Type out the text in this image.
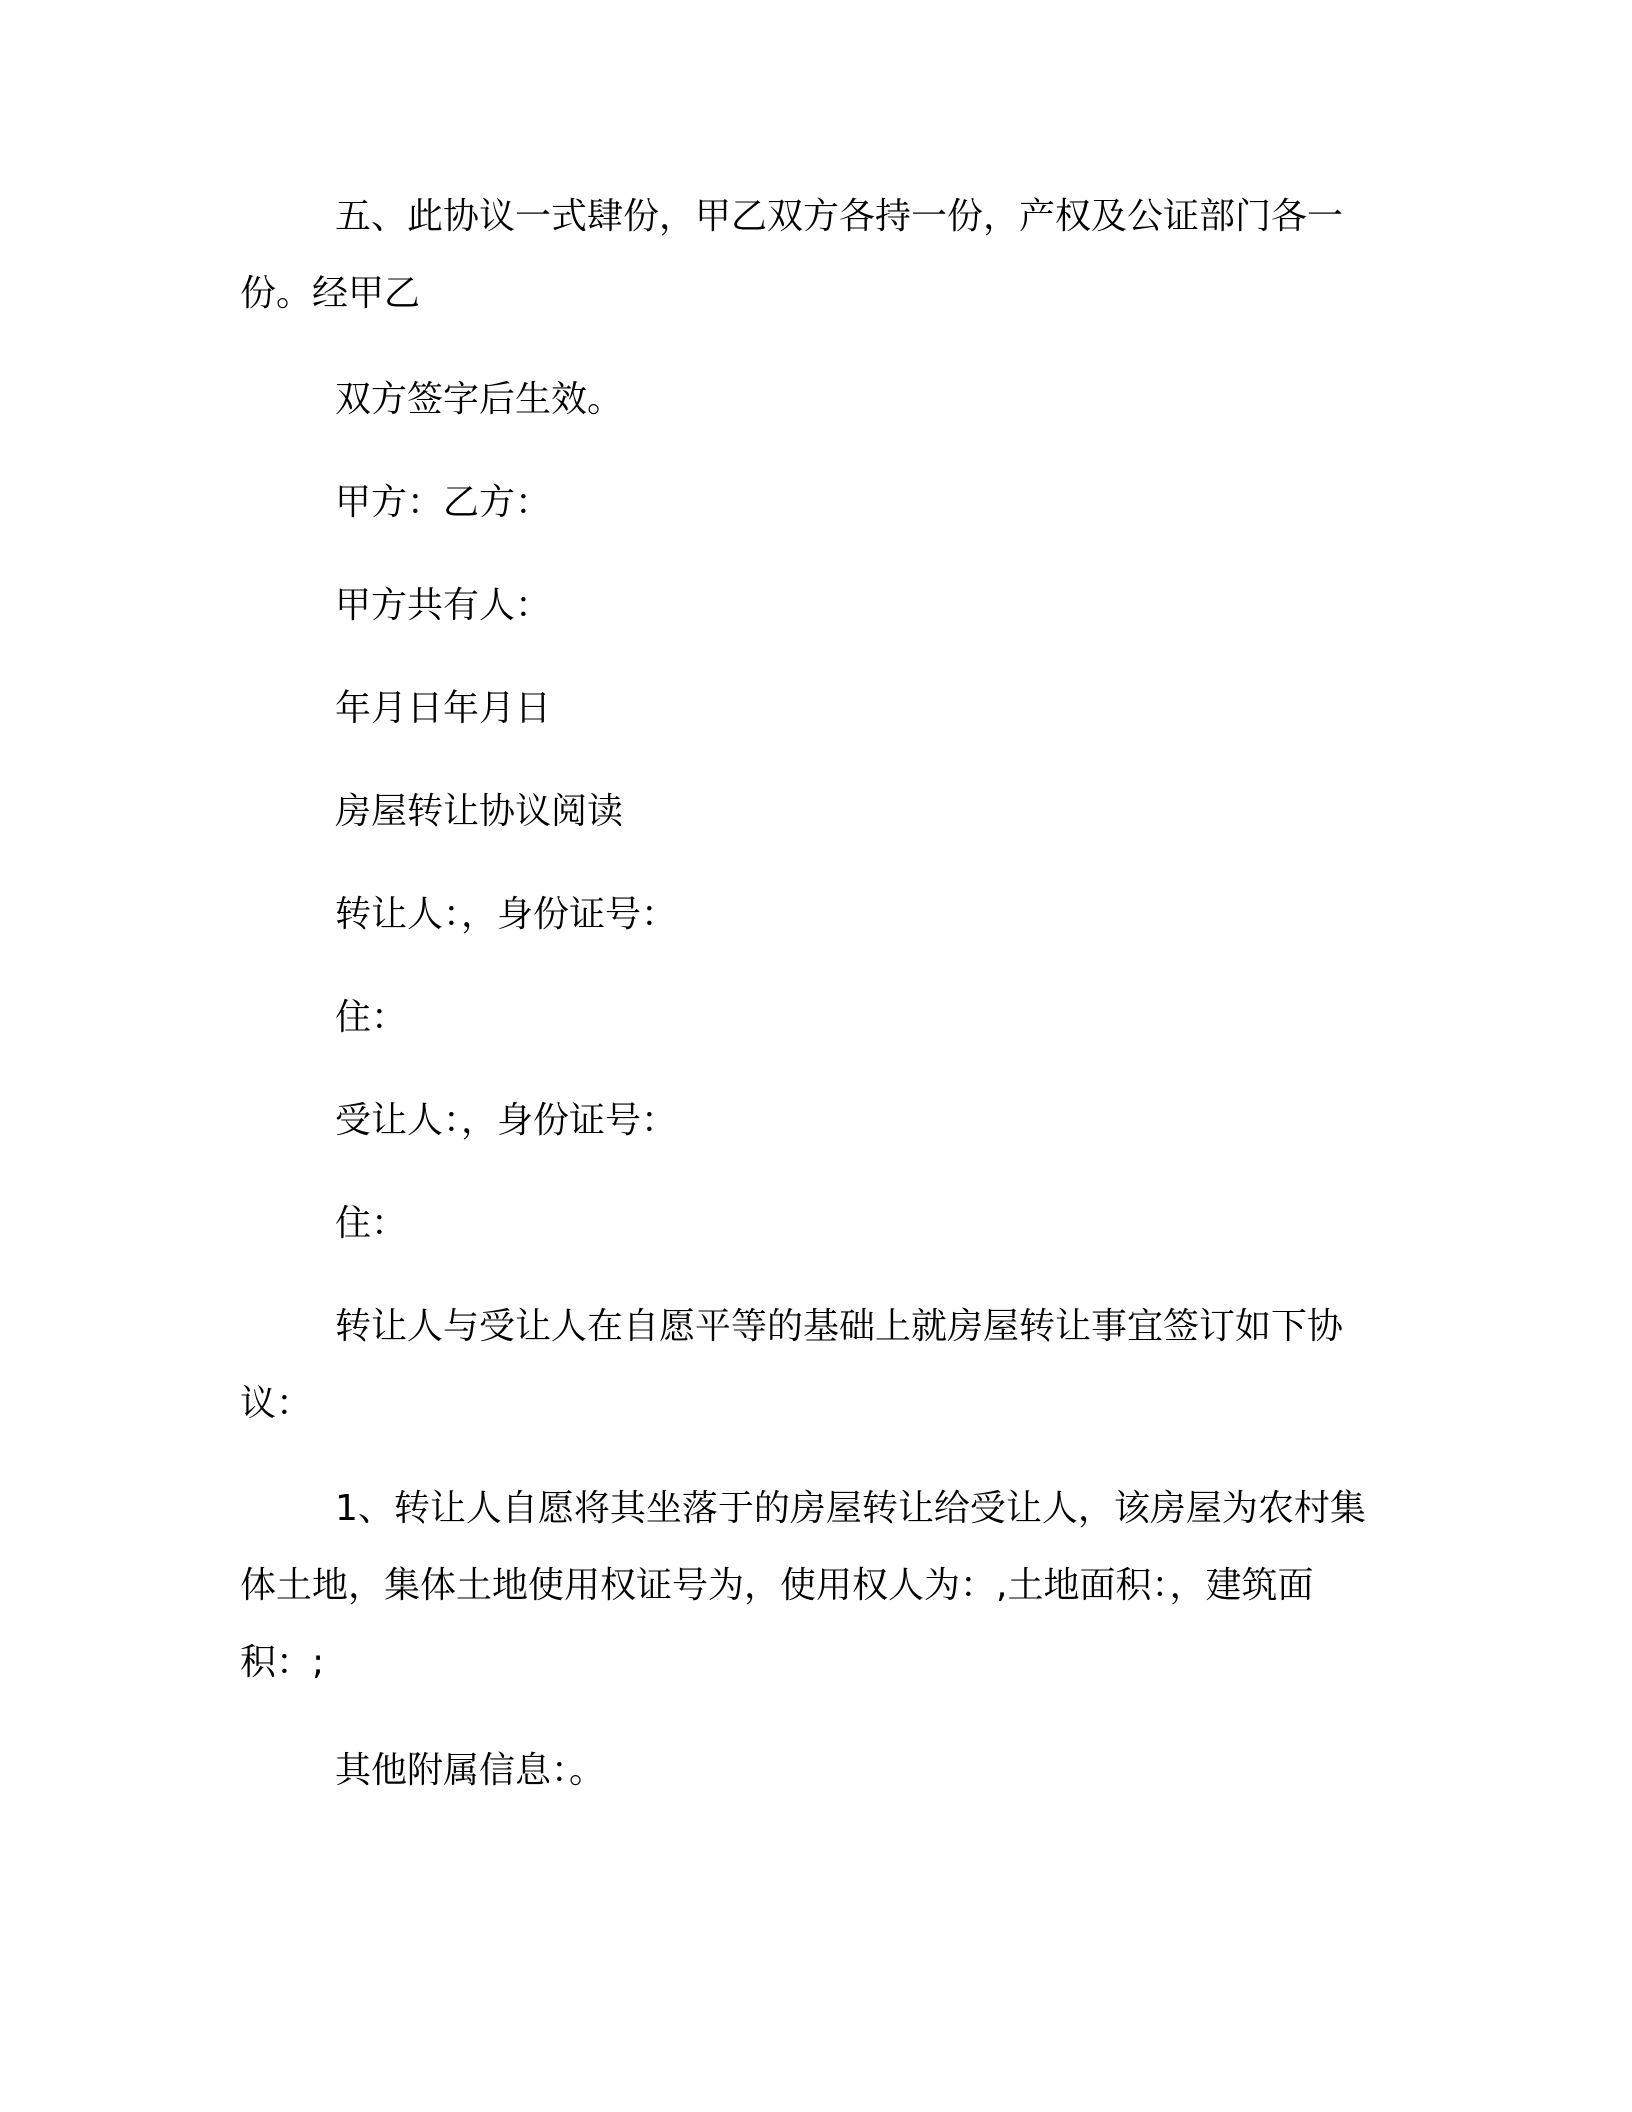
五、此协议一式肆份，甲乙双方各持一份，产权及公证部门各一份。经甲乙

双方签字后生效。

甲方：乙方：

甲方共有人：

年月日年月日

房屋转让协议阅读

转让人：，身份证号：

住：

受让人：，身份证号：

住：

转让人与受让人在自愿平等的基础上就房屋转让事宜签订如下协议：

1、转让人自愿将其坐落于的房屋转让给受让人，该房屋为农村集体土地，集体土地使用权证号为，使用权人为：,土地面积：，建筑面积：;

其他附属信息：。
